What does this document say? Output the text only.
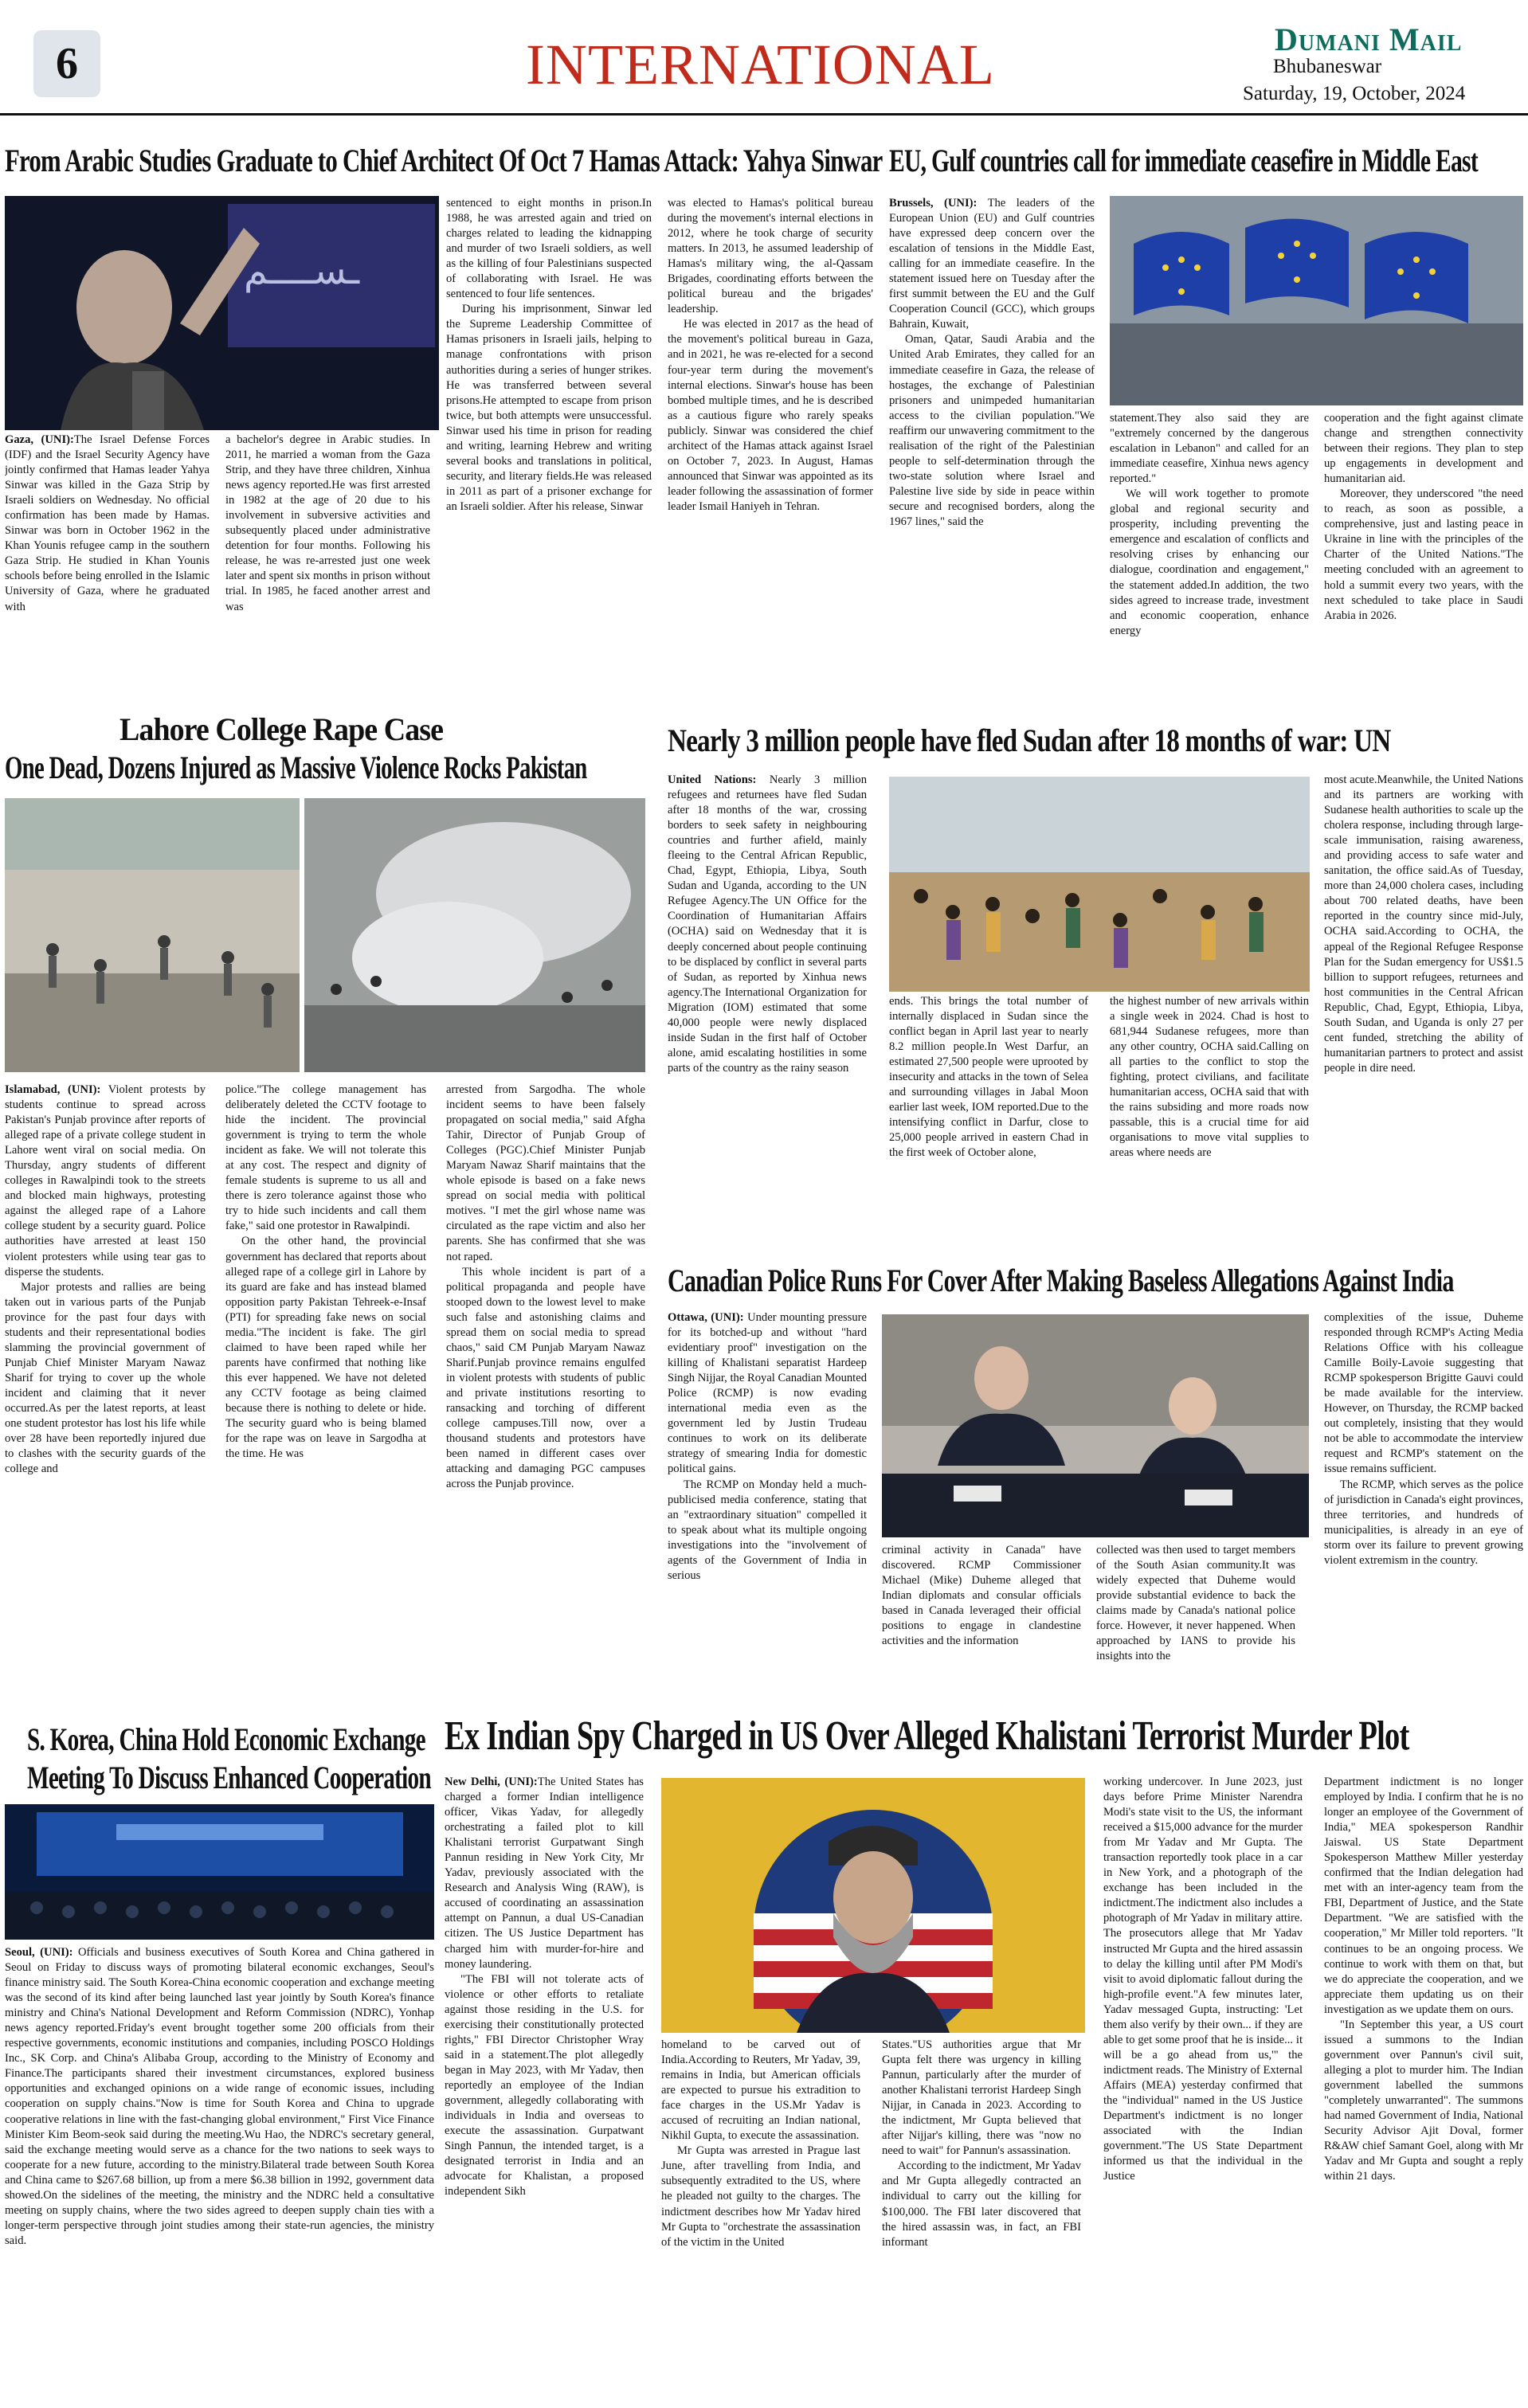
6	INTERNATIONAL	Dumani Mail
Bhubaneswar
Saturday, 19, October, 2024
From Arabic Studies Graduate to Chief Architect Of Oct 7 Hamas Attack: Yahya Sinwar
ـســــم

Gaza, (UNI):The Israel Defense Forces (IDF) and the Israel Security Agency have jointly confirmed that Hamas leader Yahya Sinwar was killed in the Gaza Strip by Israeli soldiers on Wednesday. No official confirmation has been made by Hamas. Sinwar was born in October 1962 in the Khan Younis refugee camp in the southern Gaza Strip. He studied in Khan Younis schools before being enrolled in the Islamic University of Gaza, where he graduated with

a bachelor's degree in Arabic studies. In 2011, he married a woman from the Gaza Strip, and they have three children, Xinhua news agency reported.He was first arrested in 1982 at the age of 20 due to his involvement in subversive activities and subsequently placed under administrative detention for four months. Following his release, he was re-arrested just one week later and spent six months in prison without trial. In 1985, he faced another arrest and was

sentenced to eight months in prison.In 1988, he was arrested again and tried on charges related to leading the kidnapping and murder of two Israeli soldiers, as well as the killing of four Palestinians suspected of collaborating with Israel. He was sentenced to four life sentences.

During his imprisonment, Sinwar led the Supreme Leadership Committee of Hamas prisoners in Israeli jails, helping to manage confrontations with prison authorities during a series of hunger strikes. He was transferred between several prisons.He attempted to escape from prison twice, but both attempts were unsuccessful. Sinwar used his time in prison for reading and writing, learning Hebrew and writing several books and translations in political, security, and literary fields.He was released in 2011 as part of a prisoner exchange for an Israeli soldier. After his release, Sinwar

was elected to Hamas's political bureau during the movement's internal elections in 2012, where he took charge of security matters. In 2013, he assumed leadership of Hamas's military wing, the al-Qassam Brigades, coordinating efforts between the political bureau and the brigades' leadership.

He was elected in 2017 as the head of the movement's political bureau in Gaza, and in 2021, he was re-elected for a second four-year term during the movement's internal elections. Sinwar's house has been bombed multiple times, and he is described as a cautious figure who rarely speaks publicly. Sinwar was considered the chief architect of the Hamas attack against Israel on October 7, 2023. In August, Hamas announced that Sinwar was appointed as its leader following the assassination of former leader Ismail Haniyeh in Tehran.

EU, Gulf countries call for immediate ceasefire in Middle East

Brussels, (UNI): The leaders of the European Union (EU) and Gulf countries have expressed deep concern over the escalation of tensions in the Middle East, calling for an immediate ceasefire. In the statement issued here on Tuesday after the first summit between the EU and the Gulf Cooperation Council (GCC), which groups Bahrain, Kuwait,

Oman, Qatar, Saudi Arabia and the United Arab Emirates, they called for an immediate ceasefire in Gaza, the release of hostages, the exchange of Palestinian prisoners and unimpeded humanitarian access to the civilian population."We reaffirm our unwavering commitment to the realisation of the right of the Palestinian people to self-determination through the two-state solution where Israel and Palestine live side by side in peace within secure and recognised borders, along the 1967 lines," said the

statement.They also said they are "extremely concerned by the dangerous escalation in Lebanon" and called for an immediate ceasefire, Xinhua news agency reported."

We will work together to promote global and regional security and prosperity, including preventing the emergence and escalation of conflicts and resolving crises by enhancing our dialogue, coordination and engagement," the statement added.In addition, the two sides agreed to increase trade, investment and economic cooperation, enhance energy

cooperation and the fight against climate change and strengthen connectivity between their regions. They plan to step up engagements in development and humanitarian aid.

Moreover, they underscored "the need to reach, as soon as possible, a comprehensive, just and lasting peace in Ukraine in line with the principles of the Charter of the United Nations."The meeting concluded with an agreement to hold a summit every two years, with the next scheduled to take place in Saudi Arabia in 2026.

Lahore College Rape Case
One Dead, Dozens Injured as Massive Violence Rocks Pakistan

Islamabad, (UNI): Violent protests by students continue to spread across Pakistan's Punjab province after reports of alleged rape of a private college student in Lahore went viral on social media. On Thursday, angry students of different colleges in Rawalpindi took to the streets and blocked main highways, protesting against the alleged rape of a Lahore college student by a security guard. Police authorities have arrested at least 150 violent protesters while using tear gas to disperse the students.

Major protests and rallies are being taken out in various parts of the Punjab province for the past four days with students and their representational bodies slamming the provincial government of Punjab Chief Minister Maryam Nawaz Sharif for trying to cover up the whole incident and claiming that it never occurred.As per the latest reports, at least one student protestor has lost his life while over 28 have been reportedly injured due to clashes with the security guards of the college and

police."The college management has deliberately deleted the CCTV footage to hide the incident. The provincial government is trying to term the whole incident as fake. We will not tolerate this at any cost. The respect and dignity of female students is supreme to us all and there is zero tolerance against those who try to hide such incidents and call them fake," said one protestor in Rawalpindi.

On the other hand, the provincial government has declared that reports about alleged rape of a college girl in Lahore by its guard are fake and has instead blamed opposition party Pakistan Tehreek-e-Insaf (PTI) for spreading fake news on social media."The incident is fake. The girl claimed to have been raped while her parents have confirmed that nothing like this ever happened. We have not deleted any CCTV footage as being claimed because there is nothing to delete or hide. The security guard who is being blamed for the rape was on leave in Sargodha at the time. He was

arrested from Sargodha. The whole incident seems to have been falsely propagated on social media," said Afgha Tahir, Director of Punjab Group of Colleges (PGC).Chief Minister Punjab Maryam Nawaz Sharif maintains that the whole episode is based on a fake news spread on social media with political motives. "I met the girl whose name was circulated as the rape victim and also her parents. She has confirmed that she was not raped.

This whole incident is part of a political propaganda and people have stooped down to the lowest level to make such false and astonishing claims and spread them on social media to spread chaos," said CM Punjab Maryam Nawaz Sharif.Punjab province remains engulfed in violent protests with students of public and private institutions resorting to ransacking and torching of different college campuses.Till now, over a thousand students and protestors have been named in different cases over attacking and damaging PGC campuses across the Punjab province.

Nearly 3 million people have fled Sudan after 18 months of war: UN

United Nations: Nearly 3 million refugees and returnees have fled Sudan after 18 months of the war, crossing borders to seek safety in neighbouring countries and further afield, mainly fleeing to the Central African Republic, Chad, Egypt, Ethiopia, Libya, South Sudan and Uganda, according to the UN Refugee Agency.The UN Office for the Coordination of Humanitarian Affairs (OCHA) said on Wednesday that it is deeply concerned about people continuing to be displaced by conflict in several parts of Sudan, as reported by Xinhua news agency.The International Organization for Migration (IOM) estimated that some 40,000 people were newly displaced inside Sudan in the first half of October alone, amid escalating hostilities in some parts of the country as the rainy season

ends. This brings the total number of internally displaced in Sudan since the conflict began in April last year to nearly 8.2 million people.In West Darfur, an estimated 27,500 people were uprooted by insecurity and attacks in the town of Selea and surrounding villages in Jabal Moon earlier last week, IOM reported.Due to the intensifying conflict in Darfur, close to 25,000 people arrived in eastern Chad in the first week of October alone,

the highest number of new arrivals within a single week in 2024. Chad is host to 681,944 Sudanese refugees, more than any other country, OCHA said.Calling on all parties to the conflict to stop the fighting, protect civilians, and facilitate humanitarian access, OCHA said that with the rains subsiding and more roads now passable, this is a crucial time for aid organisations to move vital supplies to areas where needs are

most acute.Meanwhile, the United Nations and its partners are working with Sudanese health authorities to scale up the cholera response, including through large-scale immunisation, raising awareness, and providing access to safe water and sanitation, the office said.As of Tuesday, more than 24,000 cholera cases, including about 700 related deaths, have been reported in the country since mid-July, OCHA said.According to OCHA, the appeal of the Regional Refugee Response Plan for the Sudan emergency for US$1.5 billion to support refugees, returnees and host communities in the Central African Republic, Chad, Egypt, Ethiopia, Libya, South Sudan, and Uganda is only 27 per cent funded, stretching the ability of humanitarian partners to protect and assist people in dire need.

Canadian Police Runs For Cover After Making Baseless Allegations Against India

Ottawa, (UNI): Under mounting pressure for its botched-up and without "hard evidentiary proof" investigation on the killing of Khalistani separatist Hardeep Singh Nijjar, the Royal Canadian Mounted Police (RCMP) is now evading international media even as the government led by Justin Trudeau continues to work on its deliberate strategy of smearing India for domestic political gains.

The RCMP on Monday held a much-publicised media conference, stating that an "extraordinary situation" compelled it to speak about what its multiple ongoing investigations into the "involvement of agents of the Government of India in serious

criminal activity in Canada" have discovered. RCMP Commissioner Michael (Mike) Duheme alleged that Indian diplomats and consular officials based in Canada leveraged their official positions to engage in clandestine activities and the information

collected was then used to target members of the South Asian community.It was widely expected that Duheme would provide substantial evidence to back the claims made by Canada's national police force. However, it never happened. When approached by IANS to provide his insights into the

complexities of the issue, Duheme responded through RCMP's Acting Media Relations Office with his colleague Camille Boily-Lavoie suggesting that RCMP spokesperson Brigitte Gauvi could be made available for the interview. However, on Thursday, the RCMP backed out completely, insisting that they would not be able to accommodate the interview request and RCMP's statement on the issue remains sufficient.

The RCMP, which serves as the police of jurisdiction in Canada's eight provinces, three territories, and hundreds of municipalities, is already in an eye of storm over its failure to prevent growing violent extremism in the country.

S. Korea, China Hold Economic Exchange
Meeting To Discuss Enhanced Cooperation

Seoul, (UNI): Officials and business executives of South Korea and China gathered in Seoul on Friday to discuss ways of promoting bilateral economic exchanges, Seoul's finance ministry said. The South Korea-China economic cooperation and exchange meeting was the second of its kind after being launched last year jointly by South Korea's finance ministry and China's National Development and Reform Commission (NDRC), Yonhap news agency reported.Friday's event brought together some 200 officials from their respective governments, economic institutions and companies, including POSCO Holdings Inc., SK Corp. and China's Alibaba Group, according to the Ministry of Economy and Finance.The participants shared their investment circumstances, explored business opportunities and exchanged opinions on a wide range of economic issues, including cooperation on supply chains."Now is time for South Korea and China to upgrade cooperative relations in line with the fast-changing global environment," First Vice Finance Minister Kim Beom-seok said during the meeting.Wu Hao, the NDRC's secretary general, said the exchange meeting would serve as a chance for the two nations to seek ways to cooperate for a new future, according to the ministry.Bilateral trade between South Korea and China came to $267.68 billion, up from a mere $6.38 billion in 1992, government data showed.On the sidelines of the meeting, the ministry and the NDRC held a consultative meeting on supply chains, where the two sides agreed to deepen supply chain ties with a longer-term perspective through joint studies among their state-run agencies, the ministry said.

Ex Indian Spy Charged in US Over Alleged Khalistani Terrorist Murder Plot

New Delhi, (UNI):The United States has charged a former Indian intelligence officer, Vikas Yadav, for allegedly orchestrating a failed plot to kill Khalistani terrorist Gurpatwant Singh Pannun residing in New York City, Mr Yadav, previously associated with the Research and Analysis Wing (RAW), is accused of coordinating an assassination attempt on Pannun, a dual US-Canadian citizen. The US Justice Department has charged him with murder-for-hire and money laundering.

"The FBI will not tolerate acts of violence or other efforts to retaliate against those residing in the U.S. for exercising their constitutionally protected rights," FBI Director Christopher Wray said in a statement.The plot allegedly began in May 2023, with Mr Yadav, then reportedly an employee of the Indian government, allegedly collaborating with individuals in India and overseas to execute the assassination. Gurpatwant Singh Pannun, the intended target, is a designated terrorist in India and an advocate for Khalistan, a proposed independent Sikh

homeland to be carved out of India.According to Reuters, Mr Yadav, 39, remains in India, but American officials are expected to pursue his extradition to face charges in the US.Mr Yadav is accused of recruiting an Indian national, Nikhil Gupta, to execute the assassination.

Mr Gupta was arrested in Prague last June, after travelling from India, and subsequently extradited to the US, where he pleaded not guilty to the charges. The indictment describes how Mr Yadav hired Mr Gupta to "orchestrate the assassination of the victim in the United

States."US authorities argue that Mr Gupta felt there was urgency in killing Pannun, particularly after the murder of another Khalistani terrorist Hardeep Singh Nijjar, in Canada in 2023. According to the indictment, Mr Gupta believed that after Nijjar's killing, there was "now no need to wait" for Pannun's assassination.

According to the indictment, Mr Yadav and Mr Gupta allegedly contracted an individual to carry out the killing for $100,000. The FBI later discovered that the hired assassin was, in fact, an FBI informant

working undercover. In June 2023, just days before Prime Minister Narendra Modi's state visit to the US, the informant received a $15,000 advance for the murder from Mr Yadav and Mr Gupta. The transaction reportedly took place in a car in New York, and a photograph of the exchange has been included in the indictment.The indictment also includes a photograph of Mr Yadav in military attire. The prosecutors allege that Mr Yadav instructed Mr Gupta and the hired assassin to delay the killing until after PM Modi's visit to avoid diplomatic fallout during the high-profile event."A few minutes later, Yadav messaged Gupta, instructing: 'Let them also verify by their own... if they are able to get some proof that he is inside... it will be a go ahead from us,'" the indictment reads. The Ministry of External Affairs (MEA) yesterday confirmed that the "individual" named in the US Justice Department's indictment is no longer associated with the Indian government."The US State Department informed us that the individual in the Justice

Department indictment is no longer employed by India. I confirm that he is no longer an employee of the Government of India," MEA spokesperson Randhir Jaiswal. US State Department Spokesperson Matthew Miller yesterday confirmed that the Indian delegation had met with an inter-agency team from the FBI, Department of Justice, and the State Department. "We are satisfied with the cooperation," Mr Miller told reporters. "It continues to be an ongoing process. We continue to work with them on that, but we do appreciate the cooperation, and we appreciate them updating us on their investigation as we update them on ours.

"In September this year, a US court issued a summons to the Indian government over Pannun's civil suit, alleging a plot to murder him. The Indian government labelled the summons "completely unwarranted". The summons had named Government of India, National Security Advisor Ajit Doval, former R&AW chief Samant Goel, along with Mr Yadav and Mr Gupta and sought a reply within 21 days.
